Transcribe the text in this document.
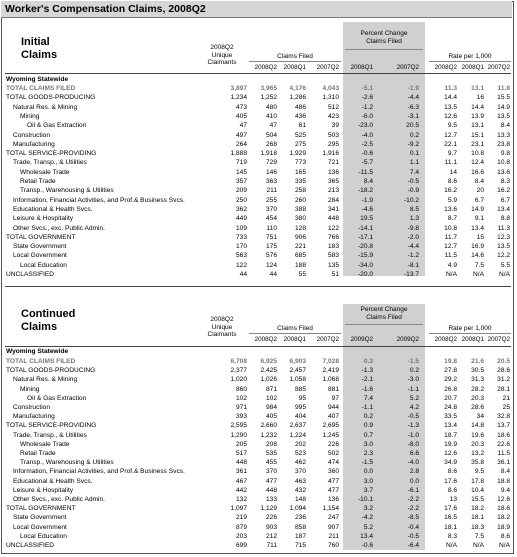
Worker's Compensation Claims, 2008Q2
Initial
Claims
2008Q2
Unique
Claimants
Claims Filed
Percent Change
Claims Filed
Rate per 1,000
2008Q2	2008Q1	2007Q2	2008Q1	2007Q2	2008Q2 2008Q1 2007Q2
Wyoming Statewide
TOTAL CLAIMS FILED	3,897	3,965	4,176	4,043	-5.1	-1.9	11.3	13.1	11.8
TOTAL GOODS-PRODUCING	1,234	1,252	1,286	1,310	-2.6	-4.4	14.4	16	15.5
Natural Res. & Mining	473	480	486	512	-1.2	-6.3	13.5	14.4	14.9
Mining	405	410	436	423	-6.0	-3.1	12.6	13.9	13.5
Oil & Gas Extraction	47	47	61	39	-23.0	20.5	9.5	13.1	8.4
Construction	497	504	525	503	-4.0	0.2	12.7	15.1	13.3
Manufacturing	264	268	275	295	-2.5	-9.2	22.1	23.1	23.8
TOTAL SERVICE-PROVIDING	1,888	1,918	1,929	1,916	-0.6	0.1	9.7	10.8	9.8
Trade, Transp., & Utilities	719	729	773	721	-5.7	1.1	11.1	12.4	10.8
Wholesale Trade	145	146	165	136	-11.5	7.4	14	16.6	13.6
Retail Trade	357	363	335	365	8.4	-0.5	8.6	8.4	8.3
Transp., Warehousing & Utilities	209	211	258	213	-18.2	-0.9	16.2	20	16.2
Information, Financial Activities, and Prof.& Business Svcs.	250	255	260	284	-1.9	-10.2	5.9	6.7	6.7
Educational & Health Svcs.	362	370	388	341	-4.6	8.5	13.6	14.9	13.4
Leisure & Hospitality	449	454	380	448	19.5	1.3	8.7	9.1	8.8
Other Svcs., exc. Public Admin.	109	110	128	122	-14.1	-9.8	10.8	13.4	11.3
TOTAL GOVERNMENT	733	751	906	766	-17.1	-2.0	11.7	15	12.3
State Government	170	175	221	183	-20.8	-4.4	12.7	16.9	13.5
Local Government	563	576	685	583	-15.9	-1.2	11.5	14.6	12.2
Local Education	122	124	188	135	-34.0	-8.1	4.9	7.5	5.5
UNCLASSIFIED	44	44	55	51	-20.0	-13.7	N/A	N/A	N/A
Continued
Claims
2008Q2
Unique
Claimants
Claims Filed
Percent Change
Claims Filed
Rate per 1,000
2008Q2	2008Q1	2007Q2	2009Q2	2009Q2	2008Q2 2008Q1 2007Q2
Wyoming Statewide
TOTAL CLAIMS FILED	6,708	6,925	6,903	7,028	0.3	-1.5	19.8	21.6	20.5
TOTAL GOODS-PRODUCING	2,377	2,425	2,457	2,419	-1.3	0.2	27.8	30.5	28.6
Natural Res. & Mining	1,020	1,026	1,058	1,068	-2.1	-3.0	29.2	31.3	31.2
Mining	860	871	885	881	-1.6	-1.1	26.8	28.2	28.1
Oil & Gas Extraction	102	102	95	97	7.4	5.2	20.7	20.3	21
Construction	971	984	995	944	-1.1	4.2	24.8	28.6	25
Manufacturing	393	405	404	407	0.2	-0.5	33.5	34	32.8
TOTAL SERVICE-PROVIDING	2,595	2,660	2,637	2,695	0.9	-1.3	13.4	14.8	13.7
Trade, Transp., & Utilities	1,290	1,232	1,224	1,245	0.7	-1.0	18.7	19.6	18.6
Wholesale Trade	205	208	202	226	3.0	-8.0	19.9	20.3	22.6
Retail Trade	517	535	523	502	2.3	6.6	12.6	13.2	11.5
Transp., Warehousing & Utilities	448	455	462	474	-1.5	-4.0	34.9	35.8	36.1
Information, Financial Activities, and Prof.& Business Svcs.	361	370	370	360	0.0	2.8	8.6	9.5	8.4
Educational & Health Svcs.	467	477	463	477	3.0	0.0	17.6	17.8	18.8
Leisure & Hospitality	442	448	432	477	3.7	-6.1	8.6	10.4	9.4
Other Svcs., exc. Public Admin.	132	133	148	136	-10.1	-2.2	13	15.5	12.6
TOTAL GOVERNMENT	1,097	1,129	1,094	1,154	3.2	-2.2	17.6	18.2	18.6
State Government	219	226	236	247	-4.2	-8.5	16.5	18.1	18.2
Local Government	879	903	858	907	5.2	-0.4	18.1	18.3	18.9
Local Education	203	212	187	211	13.4	-0.5	8.3	7.5	8.6
UNCLASSIFIED	699	711	715	760	-0.6	-6.4	N/A	N/A	N/A
